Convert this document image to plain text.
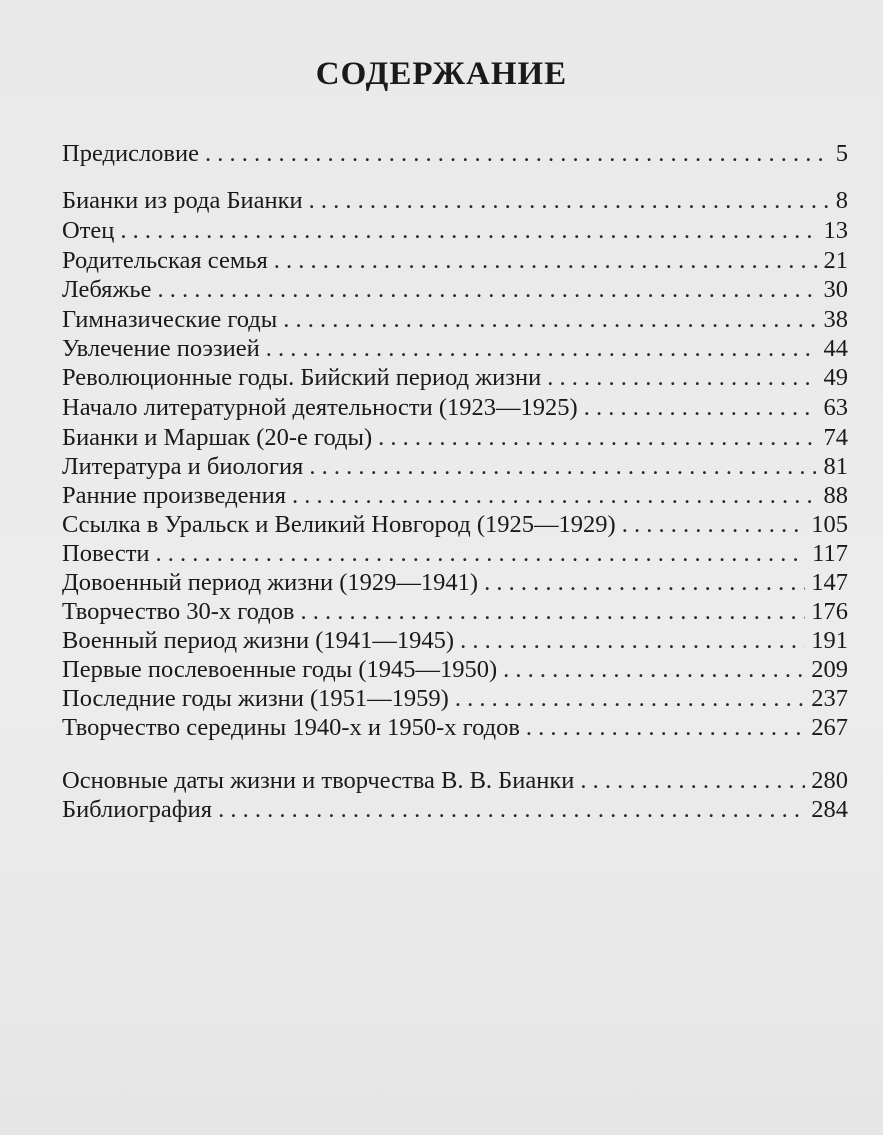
СОДЕРЖАНИЕ
Предисловие . . .	5
Бианки из рода Бианки . . .	8
Отец . . .	13
Родительская семья . . .	21
Лебяжье . . .	30
Гимназические годы . . .	38
Увлечение поэзией . . .	44
Революционные годы. Бийский период жизни . . .	49
Начало литературной деятельности (1923—1925) . . .	63
Бианки и Маршак (20-е годы) . . .	74
Литература и биология . . .	81
Ранние произведения . . .	88
Ссылка в Уральск и Великий Новгород (1925—1929) . . .	105
Повести . . .	117
Довоенный период жизни (1929—1941) . . .	147
Творчество 30-х годов . . .	176
Военный период жизни (1941—1945) . . .	191
Первые послевоенные годы (1945—1950) . . .	209
Последние годы жизни (1951—1959) . . .	237
Творчество середины 1940-х и 1950-х годов . . .	267
Основные даты жизни и творчества В. В. Бианки . . .	280
Библиография . . .	284
